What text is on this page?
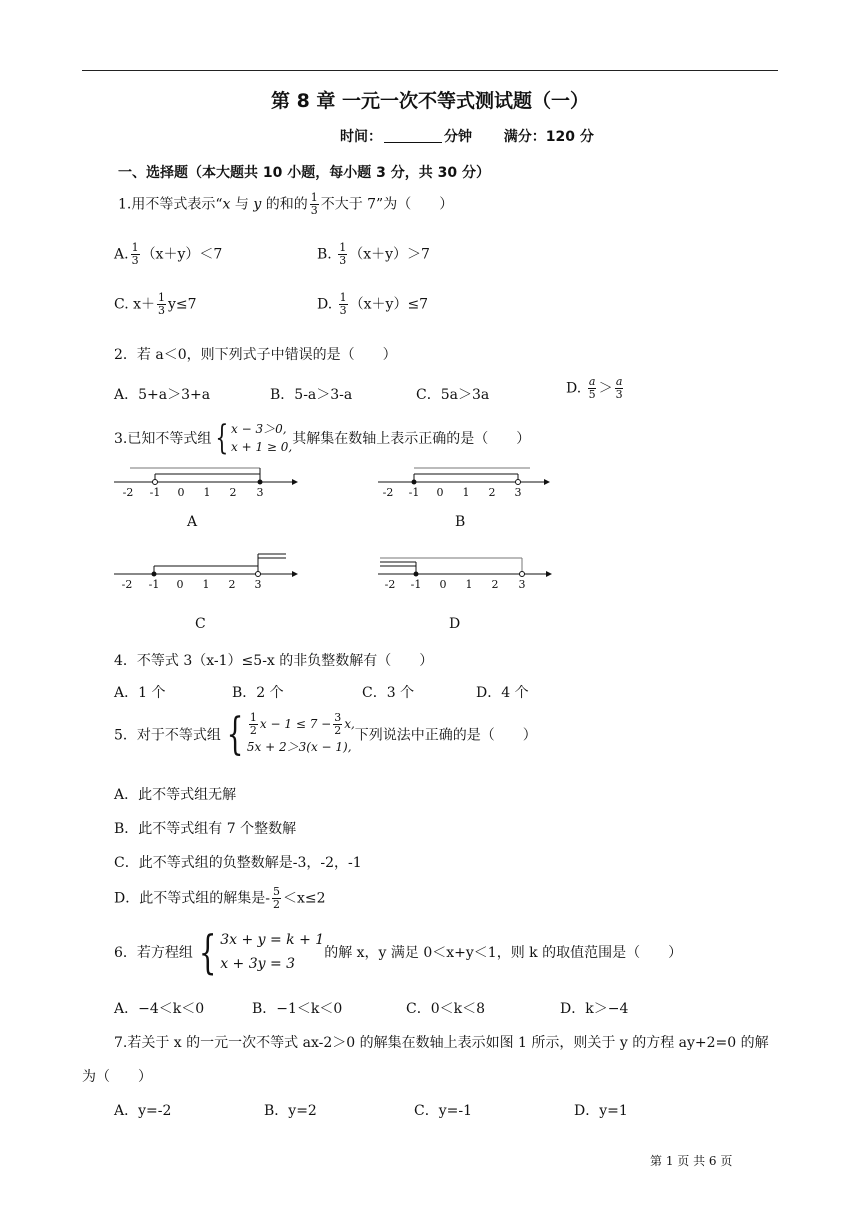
第 8 章 一元一次不等式测试题（一）
时间：	分钟 满分：120 分
一、选择题（本大题共 10 小题，每小题 3 分，共 30 分）
1.用不等式表示“x 与 y 的和的 $\frac{1}{3}$ 不大于 7”为（　　）
A. $\frac{1}{3} (x+y)<7$	B. $\frac{1}{3} (x+y)>7$
C. $x+ \frac{1}{3} y\le 7$	D. $\frac{1}{3} (x+y)\le 7$
2．若 a＜0，则下列式子中错误的是（　　）
A．5+a＞3+a	B．5-a＞3-a	C．5a＞3a	D. $\frac{a}{5} > \frac{a}{3}$
3.已知不等式组 { x − 3＞0,
x + 1 ≥ 0, 其解集在数轴上表示正确的是（　　）
-2 -1 0 1 2 3
A
-2 -1 0 1 2 3
B
-2 -1 0 1 2 3
C
-2 -1 0 1 2 3
D
4．不等式 3（x-1）≤5-x 的非负整数解有（　　）
A．1 个	B．2 个	C．3 个	D．4 个
5．对于不等式组 { $\frac{1}{2}$ $x - 1 \le 7 - \frac{3}{2} x$,
5x + 2＞3(x − 1),
下列说法中正确的是（　　）
A．此不等式组无解
B．此不等式组有 7 个整数解
C．此不等式组的负整数解是-3，-2，-1
D．此不等式组的解集是- $\frac{5}{2} <x\le 2$
6．若方程组 { 3x + y = k + 1
x + 3y = 3
的解 x，y 满足 0＜x+y＜1，则 k 的取值范围是（　　）
A．−4＜k＜0	B．−1＜k＜0	C．0＜k＜8	D．k＞−4
7.若关于 x 的一元一次不等式 ax-2＞0 的解集在数轴上表示如图 1 所示，则关于 y 的方程 ay+2=0 的解
为（　　）
A．y=-2	B．y=2	C．y=-1	D．y=1
第 1 页 共 6 页
